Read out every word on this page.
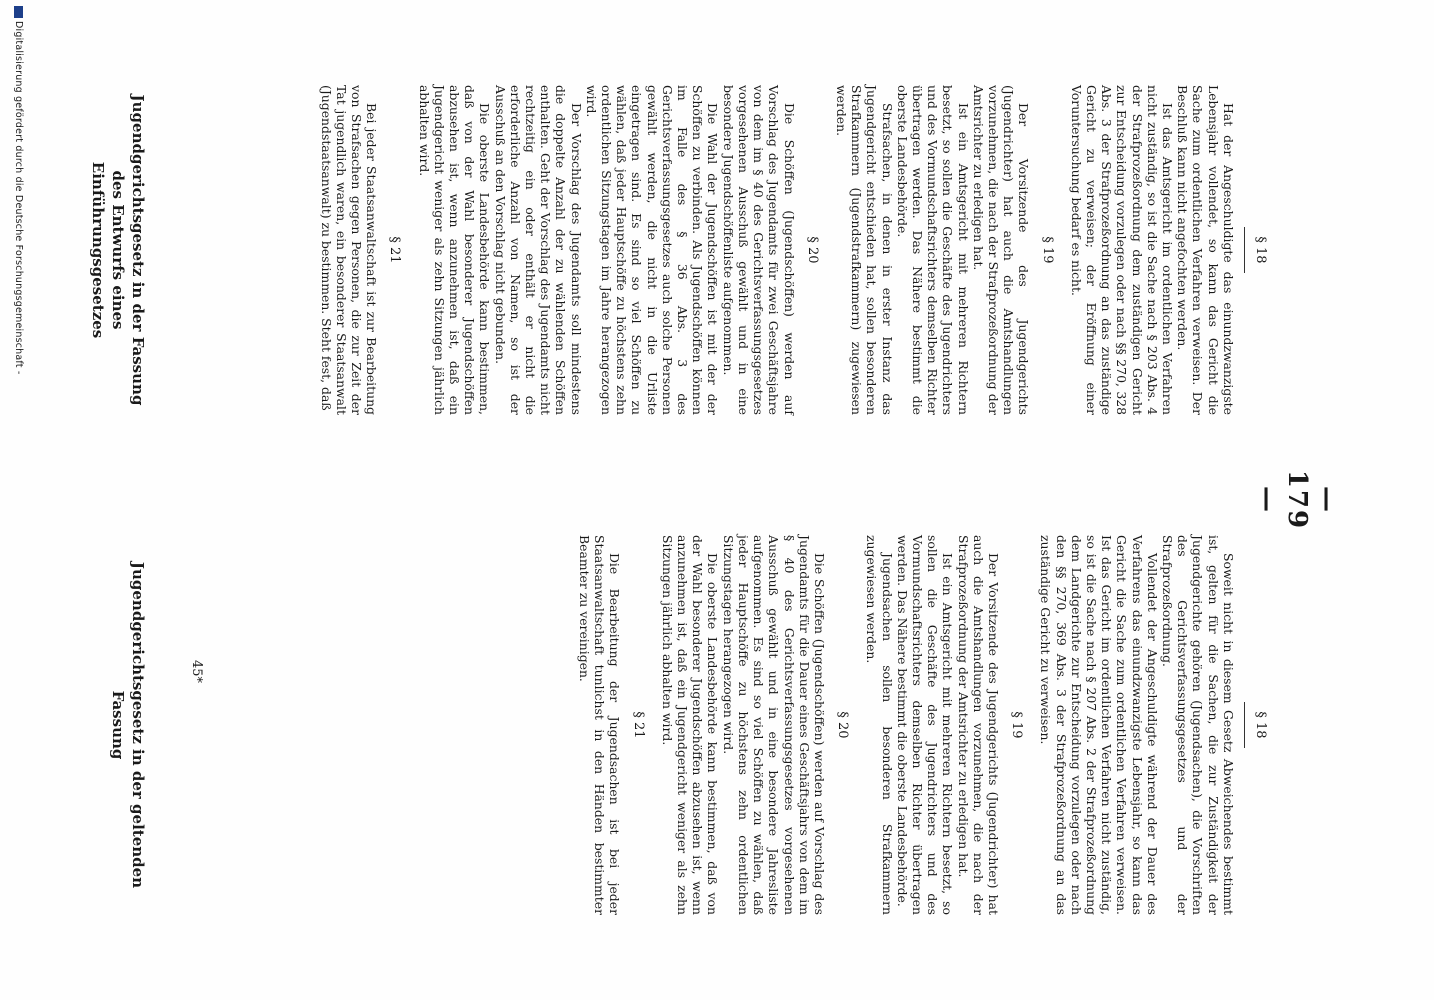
— 179 —
Jugendgerichtsgesetz in der Fassung des Entwurfs eines Einführungsgesetzes	§ 18

Hat der Angeschuldigte das einundzwanzigste Lebensjahr vollendet, so kann das Gericht die Sache zum ordentlichen Verfahren verweisen. Der Beschluß kann nicht angefochten werden.

Ist das Amtsgericht im ordentlichen Verfahren nicht zuständig, so ist die Sache nach § 203 Abs. 4 der Strafprozeßordnung dem zuständigen Gericht zur Entscheidung vorzulegen oder nach §§ 270, 328 Abs. 3 der Strafprozeßordnung an das zuständige Gericht zu verweisen; der Eröffnung einer Voruntersuchung bedarf es nicht.

§ 19

Der Vorsitzende des Jugendgerichts (Jugendrichter) hat auch die Amtshandlungen vorzunehmen, die nach der Strafprozeßordnung der Amtsrichter zu erledigen hat.

Ist ein Amtsgericht mit mehreren Richtern besetzt, so sollen die Geschäfte des Jugendrichters und des Vormundschaftsrichters demselben Richter übertragen werden. Das Nähere bestimmt die oberste Landesbehörde.

Strafsachen, in denen in erster Instanz das Jugendgericht entschieden hat, sollen besonderen Strafkammern (Jugendstrafkammern) zugewiesen werden.

§ 20

Die Schöffen (Jugendschöffen) werden auf Vorschlag des Jugendamts für zwei Geschäftsjahre von dem im § 40 des Gerichtsverfassungsgesetzes vorgesehenen Ausschuß gewählt und in eine besondere Jugendschöffenliste aufgenommen.

Die Wahl der Jugendschöffen ist mit der der Schöffen zu verbinden. Als Jugendschöffen können im Falle des § 36 Abs. 3 des Gerichtsverfassungsgesetzes auch solche Personen gewählt werden, die nicht in die Urliste eingetragen sind. Es sind so viel Schöffen zu wählen, daß jeder Hauptschöffe zu höchstens zehn ordentlichen Sitzungstagen im Jahre herangezogen wird.

Der Vorschlag des Jugendamts soll mindestens die doppelte Anzahl der zu wählenden Schöffen enthalten. Geht der Vorschlag des Jugendamts nicht rechtzeitig ein oder enthält er nicht die erforderliche Anzahl von Namen, so ist der Ausschuß an den Vorschlag nicht gebunden.

Die oberste Landesbehörde kann bestimmen, daß von der Wahl besonderer Jugendschöffen abzusehen ist, wenn anzunehmen ist, daß ein Jugendgericht weniger als zehn Sitzungen jährlich abhalten wird.

§ 21

Bei jeder Staatsanwaltschaft ist zur Bearbeitung von Strafsachen gegen Personen, die zur Zeit der Tat jugendlich waren, ein besonderer Staatsanwalt (Jugendstaatsanwalt) zu bestimmen. Steht fest, daß

Jugendgerichtsgesetz in der geltenden Fassung	§ 18

Soweit nicht in diesem Gesetz Abweichendes bestimmt ist, gelten für die Sachen, die zur Zuständigkeit der Jugendgerichte gehören (Jugendsachen), die Vorschriften des Gerichtsverfassungsgesetzes und der Strafprozeßordnung.

Vollendet der Angeschuldigte während der Dauer des Verfahrens das einundzwanzigste Lebensjahr, so kann das Gericht die Sache zum ordentlichen Verfahren verweisen. Ist das Gericht im ordentlichen Verfahren nicht zuständig, so ist die Sache nach § 207 Abs. 2 der Strafprozeßordnung dem Landgerichte zur Entscheidung vorzulegen oder nach den §§ 270, 369 Abs. 3 der Strafprozeßordnung an das zuständige Gericht zu verweisen.

§ 19

Der Vorsitzende des Jugendgerichts (Jugendrichter) hat auch die Amtshandlungen vorzunehmen, die nach der Strafprozeßordnung der Amtsrichter zu erledigen hat.

Ist ein Amtsgericht mit mehreren Richtern besetzt, so sollen die Geschäfte des Jugendrichters und des Vormundschaftsrichters demselben Richter übertragen werden. Das Nähere bestimmt die oberste Landesbehörde.

Jugendsachen sollen besonderen Strafkammern zugewiesen werden.

§ 20

Die Schöffen (Jugendschöffen) werden auf Vorschlag des Jugendamts für die Dauer eines Geschäftsjahrs von dem im § 40 des Gerichtsverfassungsgesetzes vorgesehenen Ausschuß gewählt und in eine besondere Jahresliste aufgenommen. Es sind so viel Schöffen zu wählen, daß jeder Hauptschöffe zu höchstens zehn ordentlichen Sitzungstagen herangezogen wird.

Die oberste Landesbehörde kann bestimmen, daß von der Wahl besonderer Jugendschöffen abzusehen ist, wenn anzunehmen ist, daß ein Jugendgericht weniger als zehn Sitzungen jährlich abhalten wird.

§ 21

Die Bearbeitung der Jugendsachen ist bei jeder Staatsanwaltschaft tunlichst in den Händen bestimmter Beamter zu vereinigen.

45*
Digitalisierung gefördert durch die Deutsche Forschungsgemeinschaft -
